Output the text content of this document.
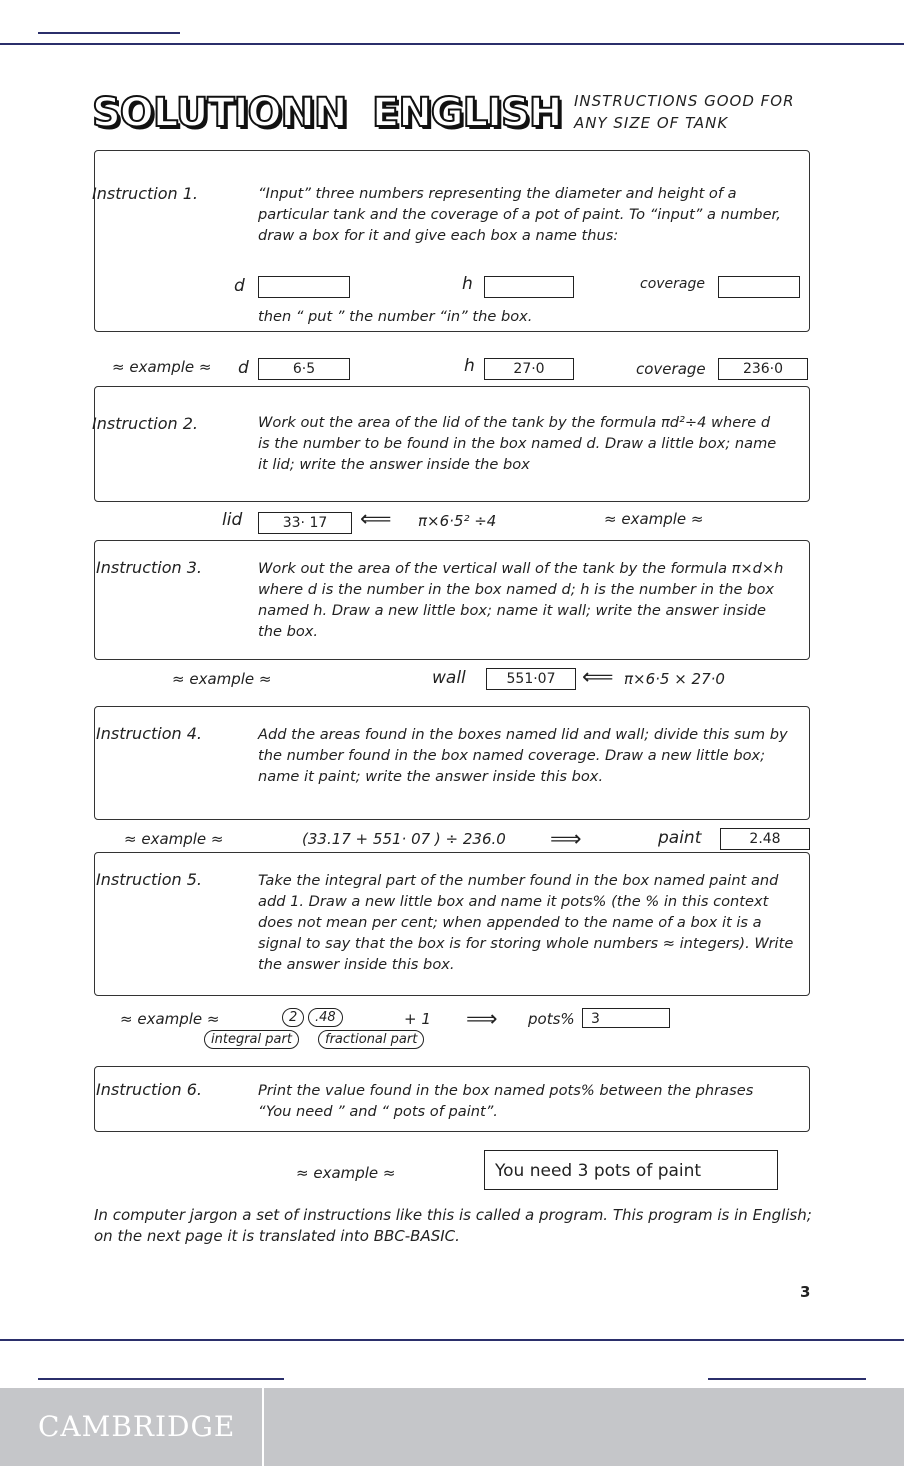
SOLUTION
IN ENGLISH INSTRUCTIONS GOOD FOR
ANY SIZE OF TANK
Instruction 1.	“Input” three numbers representing the diameter and height of a particular tank and the coverage of a pot of paint. To “input” a number, draw a box for it and give each box a name thus:
d	h	coverage
then “ put ” the number “in” the box.
≈ example ≈ d	6·5	h	27·0	coverage	236·0
Instruction 2.	Work out the area of the lid of the tank by the formula πd²÷4 where d is the number to be found in the box named d. Draw a little box; name it lid; write the answer inside the box
lid	33· 17	⟸ π×6·5² ÷4	≈ example ≈
Instruction 3.	Work out the area of the vertical wall of the tank by the formula π×d×h where d is the number in the box named d; h is the number in the box named h. Draw a new little box; name it wall; write the answer inside the box.
≈ example ≈	wall	551·07	⟸ π×6·5 × 27·0
Instruction 4.	Add the areas found in the boxes named lid and wall; divide this sum by the number found in the box named coverage. Draw a new little box; name it paint; write the answer inside this box.
≈ example ≈	(33.17 + 551· 07 ) ÷ 236.0 ⟹	paint	2.48
Instruction 5.	Take the integral part of the number found in the box named paint and add 1. Draw a new little box and name it pots% (the % in this context does not mean per cent; when appended to the name of a box it is a signal to say that the box is for storing whole numbers ≈ integers). Write the answer inside this box.
≈ example ≈	2	.48	+ 1 ⟹ pots%	3
integral part	fractional part
Instruction 6.	Print the value found in the box named pots% between the phrases “You need ” and “ pots of paint”.
≈ example ≈	You need 3 pots of paint
In computer jargon a set of instructions like this is called a program. This program is in English; on the next page it is translated into BBC-BASIC.
3
CAMBRIDGE
